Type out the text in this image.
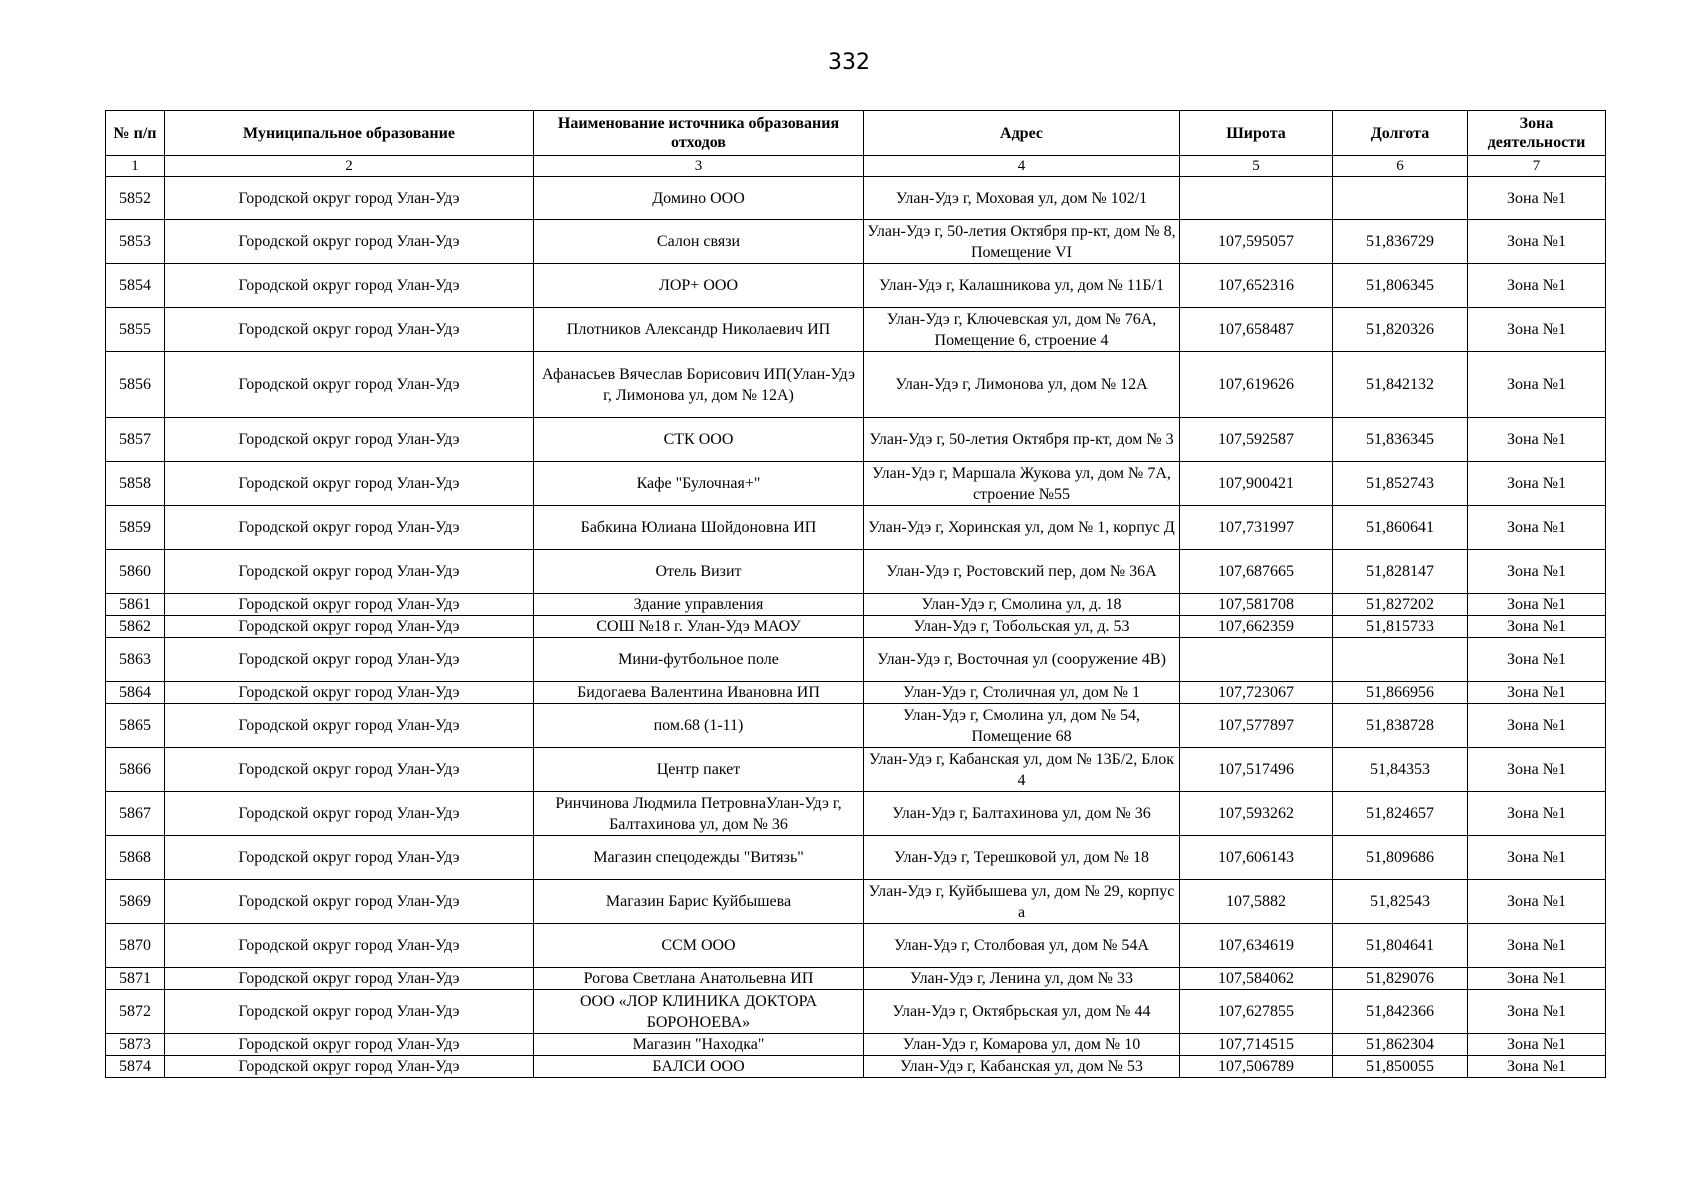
332
№ п/п	Муниципальное образование	Наименование источника образования отходов	Адрес	Широта	Долгота	Зона деятельности
1	2	3	4	5	6	7
5852	Городской округ город Улан-Удэ	Домино ООО	Улан-Удэ г, Моховая ул, дом № 102/1			Зона №1
5853	Городской округ город Улан-Удэ	Салон связи	Улан-Удэ г, 50-летия Октября пр-кт, дом № 8, Помещение VI	107,595057	51,836729	Зона №1
5854	Городской округ город Улан-Удэ	ЛОР+ ООО	Улан-Удэ г, Калашникова ул, дом № 11Б/1	107,652316	51,806345	Зона №1
5855	Городской округ город Улан-Удэ	Плотников Александр Николаевич ИП	Улан-Удэ г, Ключевская ул, дом № 76А, Помещение 6, строение 4	107,658487	51,820326	Зона №1
5856	Городской округ город Улан-Удэ	Афанасьев Вячеслав Борисович ИП(Улан-Удэ г, Лимонова ул, дом № 12А)	Улан-Удэ г, Лимонова ул, дом № 12А	107,619626	51,842132	Зона №1
5857	Городской округ город Улан-Удэ	СТК ООО	Улан-Удэ г, 50-летия Октября пр-кт, дом № 3	107,592587	51,836345	Зона №1
5858	Городской округ город Улан-Удэ	Кафе "Булочная+"	Улан-Удэ г, Маршала Жукова ул, дом № 7А, строение №55	107,900421	51,852743	Зона №1
5859	Городской округ город Улан-Удэ	Бабкина Юлиана Шойдоновна ИП	Улан-Удэ г, Хоринская ул, дом № 1, корпус Д	107,731997	51,860641	Зона №1
5860	Городской округ город Улан-Удэ	Отель Визит	Улан-Удэ г, Ростовский пер, дом № 36А	107,687665	51,828147	Зона №1
5861	Городской округ город Улан-Удэ	Здание управления	Улан-Удэ г, Смолина ул, д. 18	107,581708	51,827202	Зона №1
5862	Городской округ город Улан-Удэ	СОШ №18 г. Улан-Удэ МАОУ	Улан-Удэ г, Тобольская ул, д. 53	107,662359	51,815733	Зона №1
5863	Городской округ город Улан-Удэ	Мини-футбольное поле	Улан-Удэ г, Восточная ул (сооружение 4В)			Зона №1
5864	Городской округ город Улан-Удэ	Бидогаева Валентина Ивановна ИП	Улан-Удэ г, Столичная ул, дом № 1	107,723067	51,866956	Зона №1
5865	Городской округ город Улан-Удэ	пом.68 (1-11)	Улан-Удэ г, Смолина ул, дом № 54, Помещение 68	107,577897	51,838728	Зона №1
5866	Городской округ город Улан-Удэ	Центр пакет	Улан-Удэ г, Кабанская ул, дом № 13Б/2, Блок 4	107,517496	51,84353	Зона №1
5867	Городской округ город Улан-Удэ	Ринчинова Людмила ПетровнаУлан-Удэ г, Балтахинова ул, дом № 36	Улан-Удэ г, Балтахинова ул, дом № 36	107,593262	51,824657	Зона №1
5868	Городской округ город Улан-Удэ	Магазин спецодежды "Витязь"	Улан-Удэ г, Терешковой ул, дом № 18	107,606143	51,809686	Зона №1
5869	Городской округ город Улан-Удэ	Магазин Барис Куйбышева	Улан-Удэ г, Куйбышева ул, дом № 29, корпус а	107,5882	51,82543	Зона №1
5870	Городской округ город Улан-Удэ	ССМ ООО	Улан-Удэ г, Столбовая ул, дом № 54А	107,634619	51,804641	Зона №1
5871	Городской округ город Улан-Удэ	Рогова Светлана Анатольевна ИП	Улан-Удэ г, Ленина ул, дом № 33	107,584062	51,829076	Зона №1
5872	Городской округ город Улан-Удэ	ООО «ЛОР КЛИНИКА ДОКТОРА БОРОНОЕВА»	Улан-Удэ г, Октябрьская ул, дом № 44	107,627855	51,842366	Зона №1
5873	Городской округ город Улан-Удэ	Магазин "Находка"	Улан-Удэ г, Комарова ул, дом № 10	107,714515	51,862304	Зона №1
5874	Городской округ город Улан-Удэ	БАЛСИ ООО	Улан-Удэ г, Кабанская ул, дом № 53	107,506789	51,850055	Зона №1
